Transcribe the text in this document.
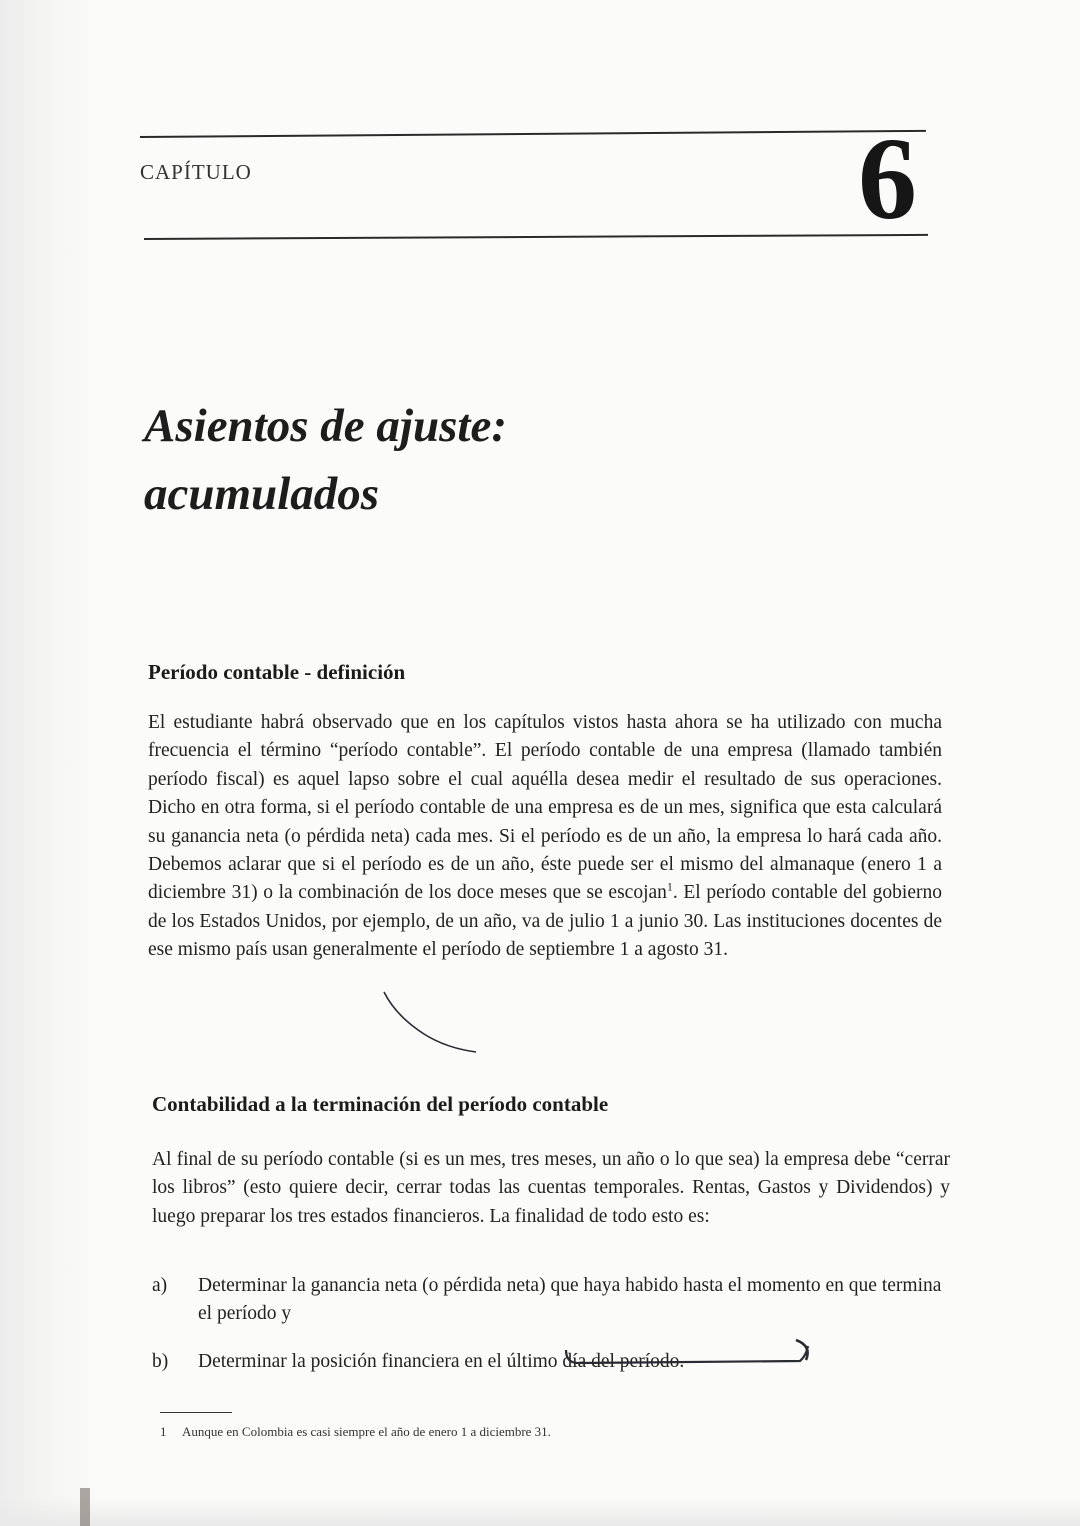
CAPÍTULO	6
Asientos de ajuste:
acumulados
Período contable - definición

El estudiante habrá observado que en los capítulos vistos hasta ahora se ha utilizado con mucha frecuencia el término “período contable”. El período contable de una empresa (llamado también período fiscal) es aquel lapso sobre el cual aquélla desea medir el resultado de sus operaciones. Dicho en otra forma, si el período contable de una empresa es de un mes, significa que esta calculará su ganancia neta (o pérdida neta) cada mes. Si el período es de un año, la empresa lo hará cada año. Debemos aclarar que si el período es de un año, éste puede ser el mismo del almanaque (enero 1 a diciembre 31) o la combinación de los doce meses que se escojan$^1$. El período contable del gobierno de los Estados Unidos, por ejemplo, de un año, va de julio 1 a junio 30. Las instituciones docentes de ese mismo país usan generalmente el período de septiembre 1 a agosto 31.

Contabilidad a la terminación del período contable

Al final de su período contable (si es un mes, tres meses, un año o lo que sea) la empresa debe “cerrar los libros” (esto quiere decir, cerrar todas las cuentas temporales. Rentas, Gastos y Dividendos) y luego preparar los tres estados financieros. La finalidad de todo esto es:

a)	Determinar la ganancia neta (o pérdida neta) que haya habido hasta el momento en que termina el período y
b)	Determinar la posición financiera en el último día del período.

1 Aunque en Colombia es casi siempre el año de enero 1 a diciembre 31.
